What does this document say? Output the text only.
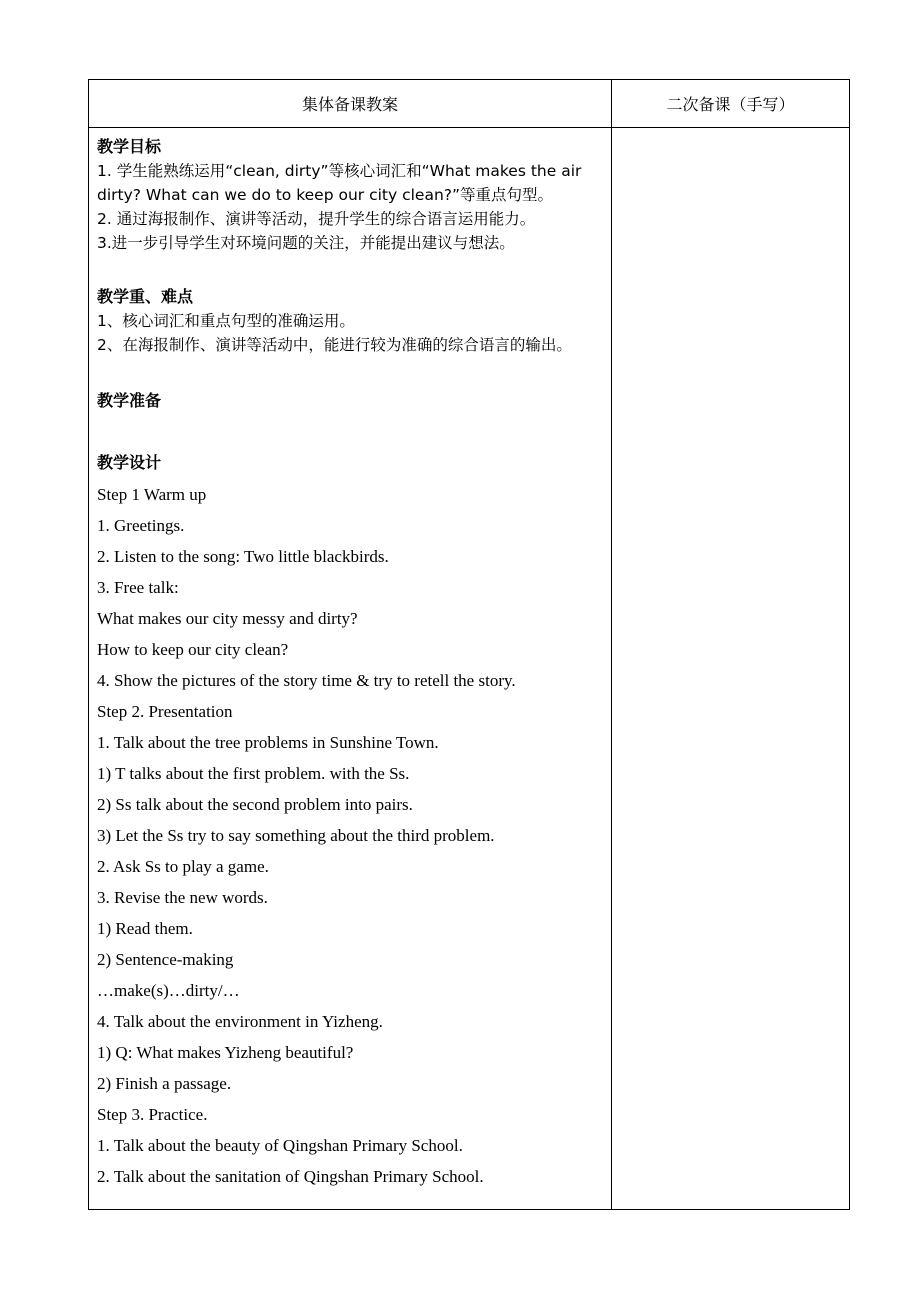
集体备课教案	二次备课（手写）
教学目标
1. 学生能熟练运用“clean, dirty”等核心词汇和“What makes the air dirty? What can we do to keep our city clean?”等重点句型。
2. 通过海报制作、演讲等活动，提升学生的综合语言运用能力。
3.进一步引导学生对环境问题的关注，并能提出建议与想法。
教学重、难点
1、核心词汇和重点句型的准确运用。
2、在海报制作、演讲等活动中，能进行较为准确的综合语言的输出。
教学准备
教学设计
Step 1 Warm up
1. Greetings.
2. Listen to the song: Two little blackbirds.
3. Free talk:
What makes our city messy and dirty?
How to keep our city clean?
4. Show the pictures of the story time & try to retell the story.
Step 2. Presentation
1. Talk about the tree problems in Sunshine Town.
1) T talks about the first problem. with the Ss.
2) Ss talk about the second problem into pairs.
3) Let the Ss try to say something about the third problem.
2. Ask Ss to play a game.
3. Revise the new words.
1) Read them.
2) Sentence-making
…make(s)…dirty/…
4. Talk about the environment in Yizheng.
1) Q: What makes Yizheng beautiful?
2) Finish a passage.
Step 3. Practice.
1. Talk about the beauty of Qingshan Primary School.
2. Talk about the sanitation of Qingshan Primary School.
